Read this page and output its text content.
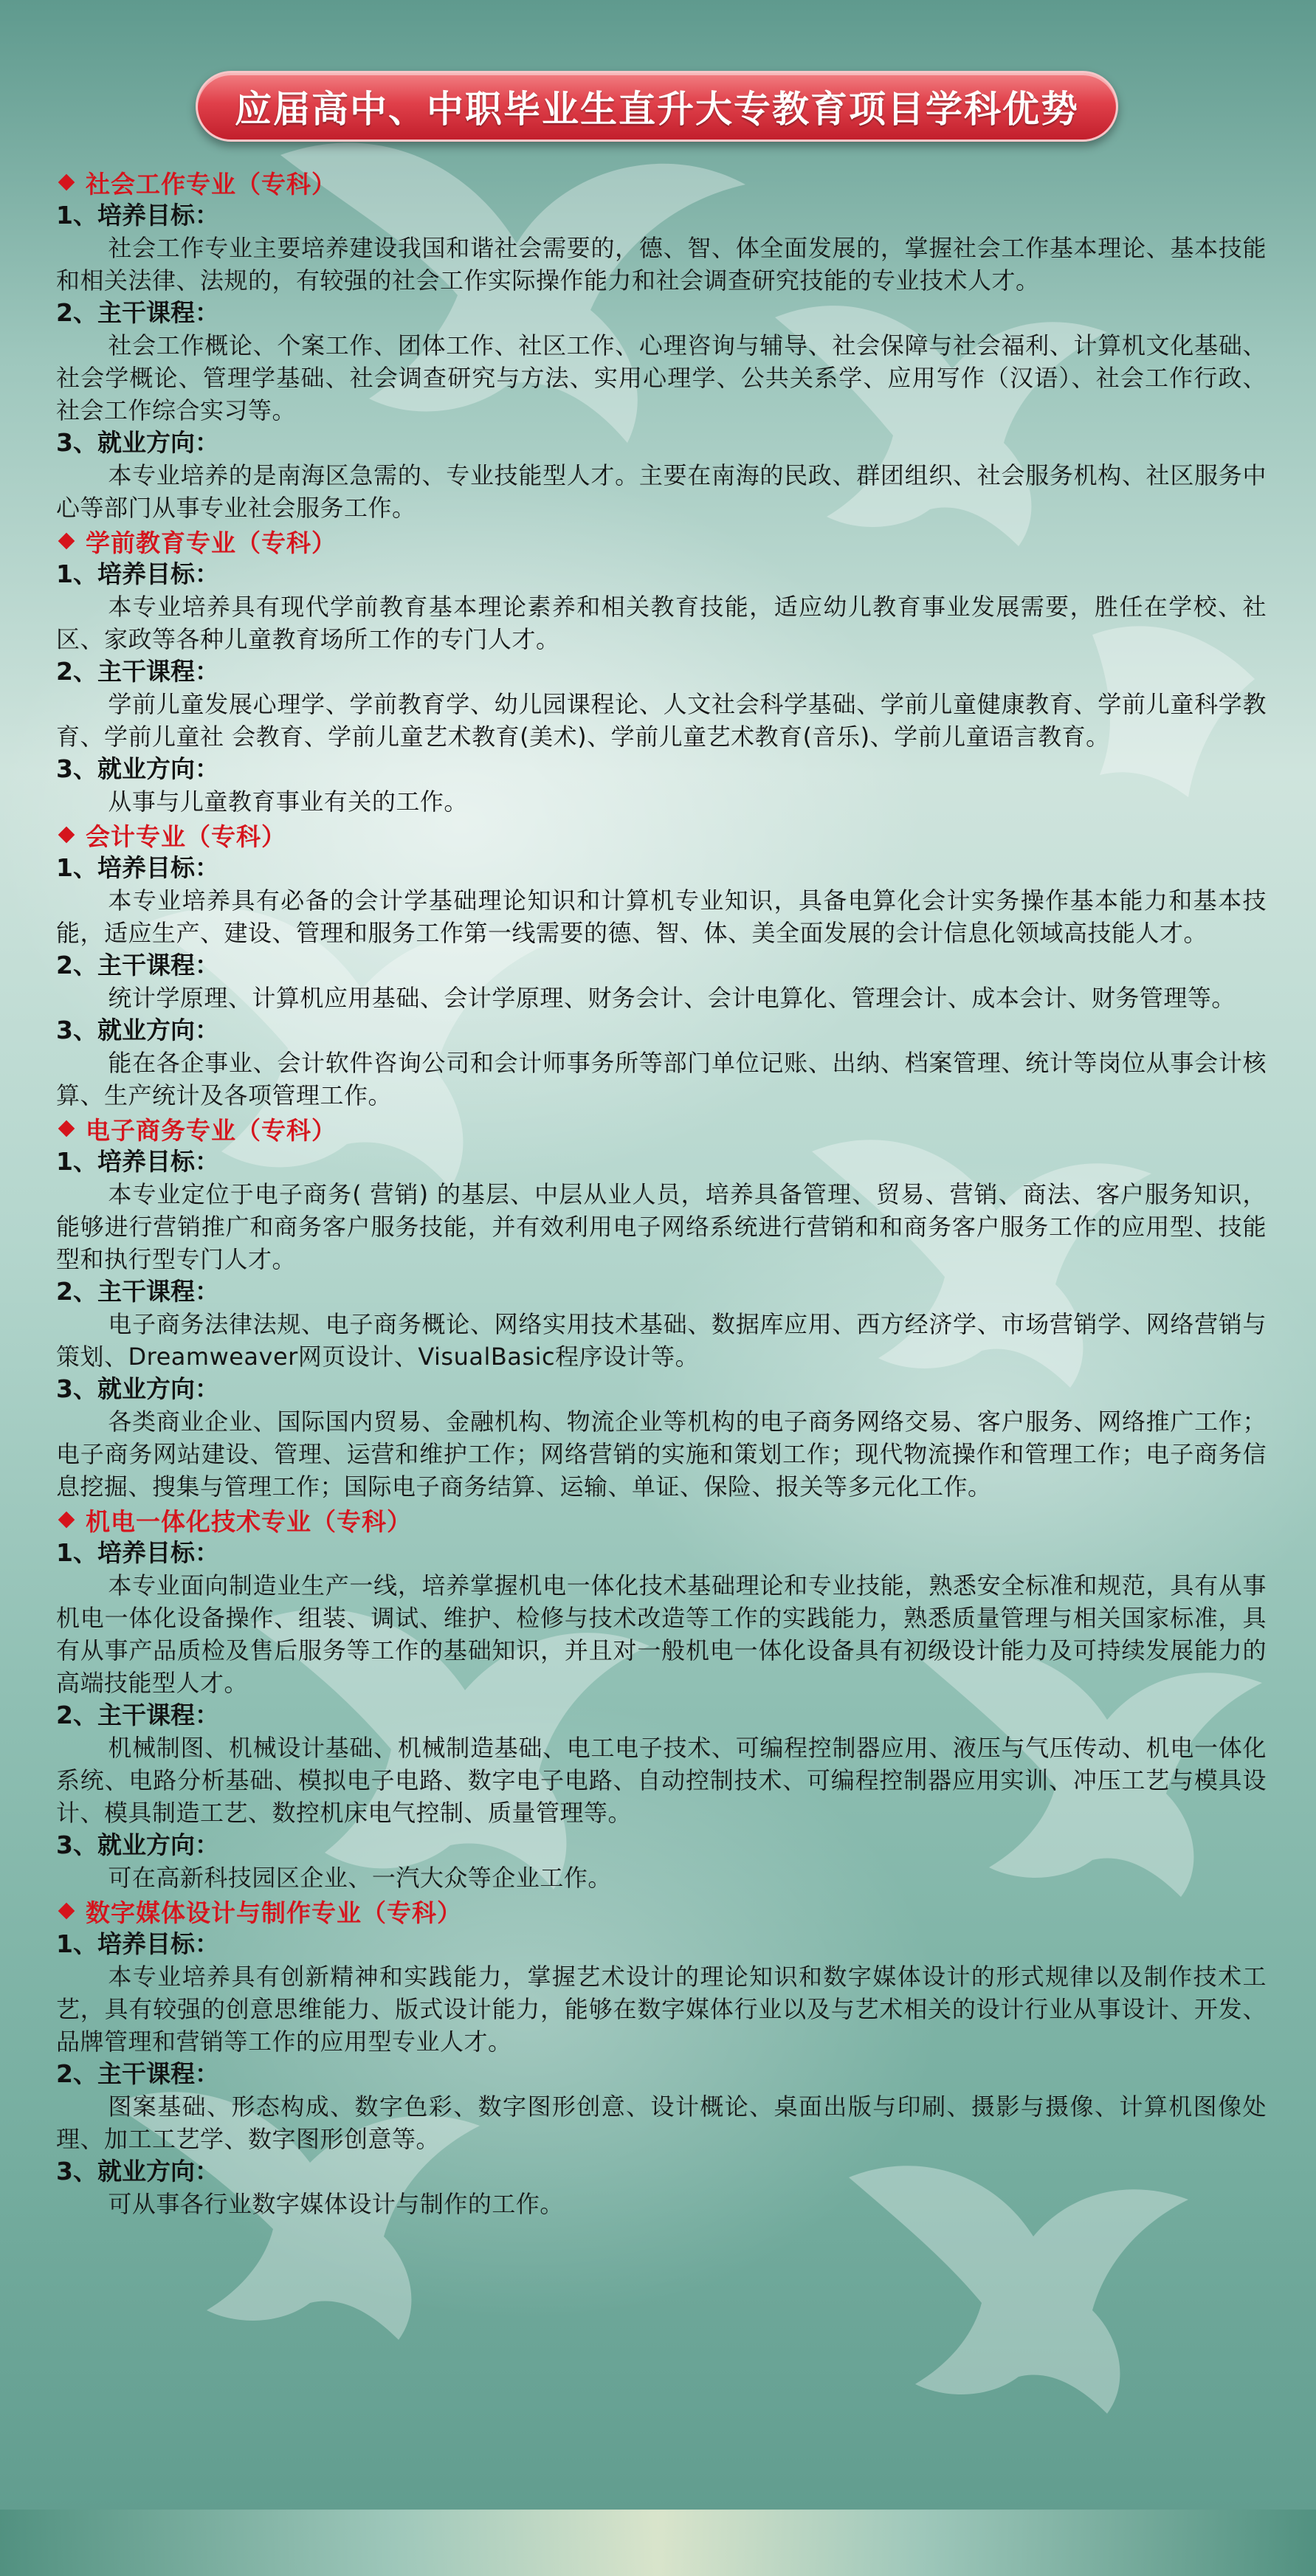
应届高中、中职毕业生直升大专教育项目学科优势
社会工作专业（专科）
1、培养目标：
社会工作专业主要培养建设我国和谐社会需要的，德、智、体全面发展的，掌握社会工作基本理论、基本技能和相关法律、法规的，有较强的社会工作实际操作能力和社会调查研究技能的专业技术人才。
2、主干课程：
社会工作概论、个案工作、团体工作、社区工作、心理咨询与辅导、社会保障与社会福利、计算机文化基础、社会学概论、管理学基础、社会调查研究与方法、实用心理学、公共关系学、应用写作（汉语）、社会工作行政、社会工作综合实习等。
3、就业方向：
本专业培养的是南海区急需的、专业技能型人才。主要在南海的民政、群团组织、社会服务机构、社区服务中心等部门从事专业社会服务工作。
学前教育专业（专科）
1、培养目标：
本专业培养具有现代学前教育基本理论素养和相关教育技能，适应幼儿教育事业发展需要，胜任在学校、社区、家政等各种儿童教育场所工作的专门人才。
2、主干课程：
学前儿童发展心理学、学前教育学、幼儿园课程论、人文社会科学基础、学前儿童健康教育、学前儿童科学教育、学前儿童社 会教育、学前儿童艺术教育(美术)、学前儿童艺术教育(音乐)、学前儿童语言教育。
3、就业方向：
从事与儿童教育事业有关的工作。
会计专业（专科）
1、培养目标：
本专业培养具有必备的会计学基础理论知识和计算机专业知识，具备电算化会计实务操作基本能力和基本技能，适应生产、建设、管理和服务工作第一线需要的德、智、体、美全面发展的会计信息化领域高技能人才。
2、主干课程：
统计学原理、计算机应用基础、会计学原理、财务会计、会计电算化、管理会计、成本会计、财务管理等。
3、就业方向：
能在各企事业、会计软件咨询公司和会计师事务所等部门单位记账、出纳、档案管理、统计等岗位从事会计核算、生产统计及各项管理工作。
电子商务专业（专科）
1、培养目标：
本专业定位于电子商务( 营销) 的基层、中层从业人员，培养具备管理、贸易、营销、商法、客户服务知识，能够进行营销推广和商务客户服务技能，并有效利用电子网络系统进行营销和和商务客户服务工作的应用型、技能型和执行型专门人才。
2、主干课程：
电子商务法律法规、电子商务概论、网络实用技术基础、数据库应用、西方经济学、市场营销学、网络营销与策划、Dreamweaver网页设计、VisualBasic程序设计等。
3、就业方向：
各类商业企业、国际国内贸易、金融机构、物流企业等机构的电子商务网络交易、客户服务、网络推广工作；电子商务网站建设、管理、运营和维护工作；网络营销的实施和策划工作；现代物流操作和管理工作；电子商务信息挖掘、搜集与管理工作；国际电子商务结算、运输、单证、保险、报关等多元化工作。
机电一体化技术专业（专科）
1、培养目标：
本专业面向制造业生产一线，培养掌握机电一体化技术基础理论和专业技能，熟悉安全标准和规范，具有从事机电一体化设备操作、组装、调试、维护、检修与技术改造等工作的实践能力，熟悉质量管理与相关国家标准，具有从事产品质检及售后服务等工作的基础知识，并且对一般机电一体化设备具有初级设计能力及可持续发展能力的高端技能型人才。
2、主干课程：
机械制图、机械设计基础、机械制造基础、电工电子技术、可编程控制器应用、液压与气压传动、机电一体化系统、电路分析基础、模拟电子电路、数字电子电路、自动控制技术、可编程控制器应用实训、冲压工艺与模具设计、模具制造工艺、数控机床电气控制、质量管理等。
3、就业方向：
可在高新科技园区企业、一汽大众等企业工作。
数字媒体设计与制作专业（专科）
1、培养目标：
本专业培养具有创新精神和实践能力，掌握艺术设计的理论知识和数字媒体设计的形式规律以及制作技术工艺，具有较强的创意思维能力、版式设计能力，能够在数字媒体行业以及与艺术相关的设计行业从事设计、开发、品牌管理和营销等工作的应用型专业人才。
2、主干课程：
图案基础、形态构成、数字色彩、数字图形创意、设计概论、桌面出版与印刷、摄影与摄像、计算机图像处理、加工工艺学、数字图形创意等。
3、就业方向：
可从事各行业数字媒体设计与制作的工作。
